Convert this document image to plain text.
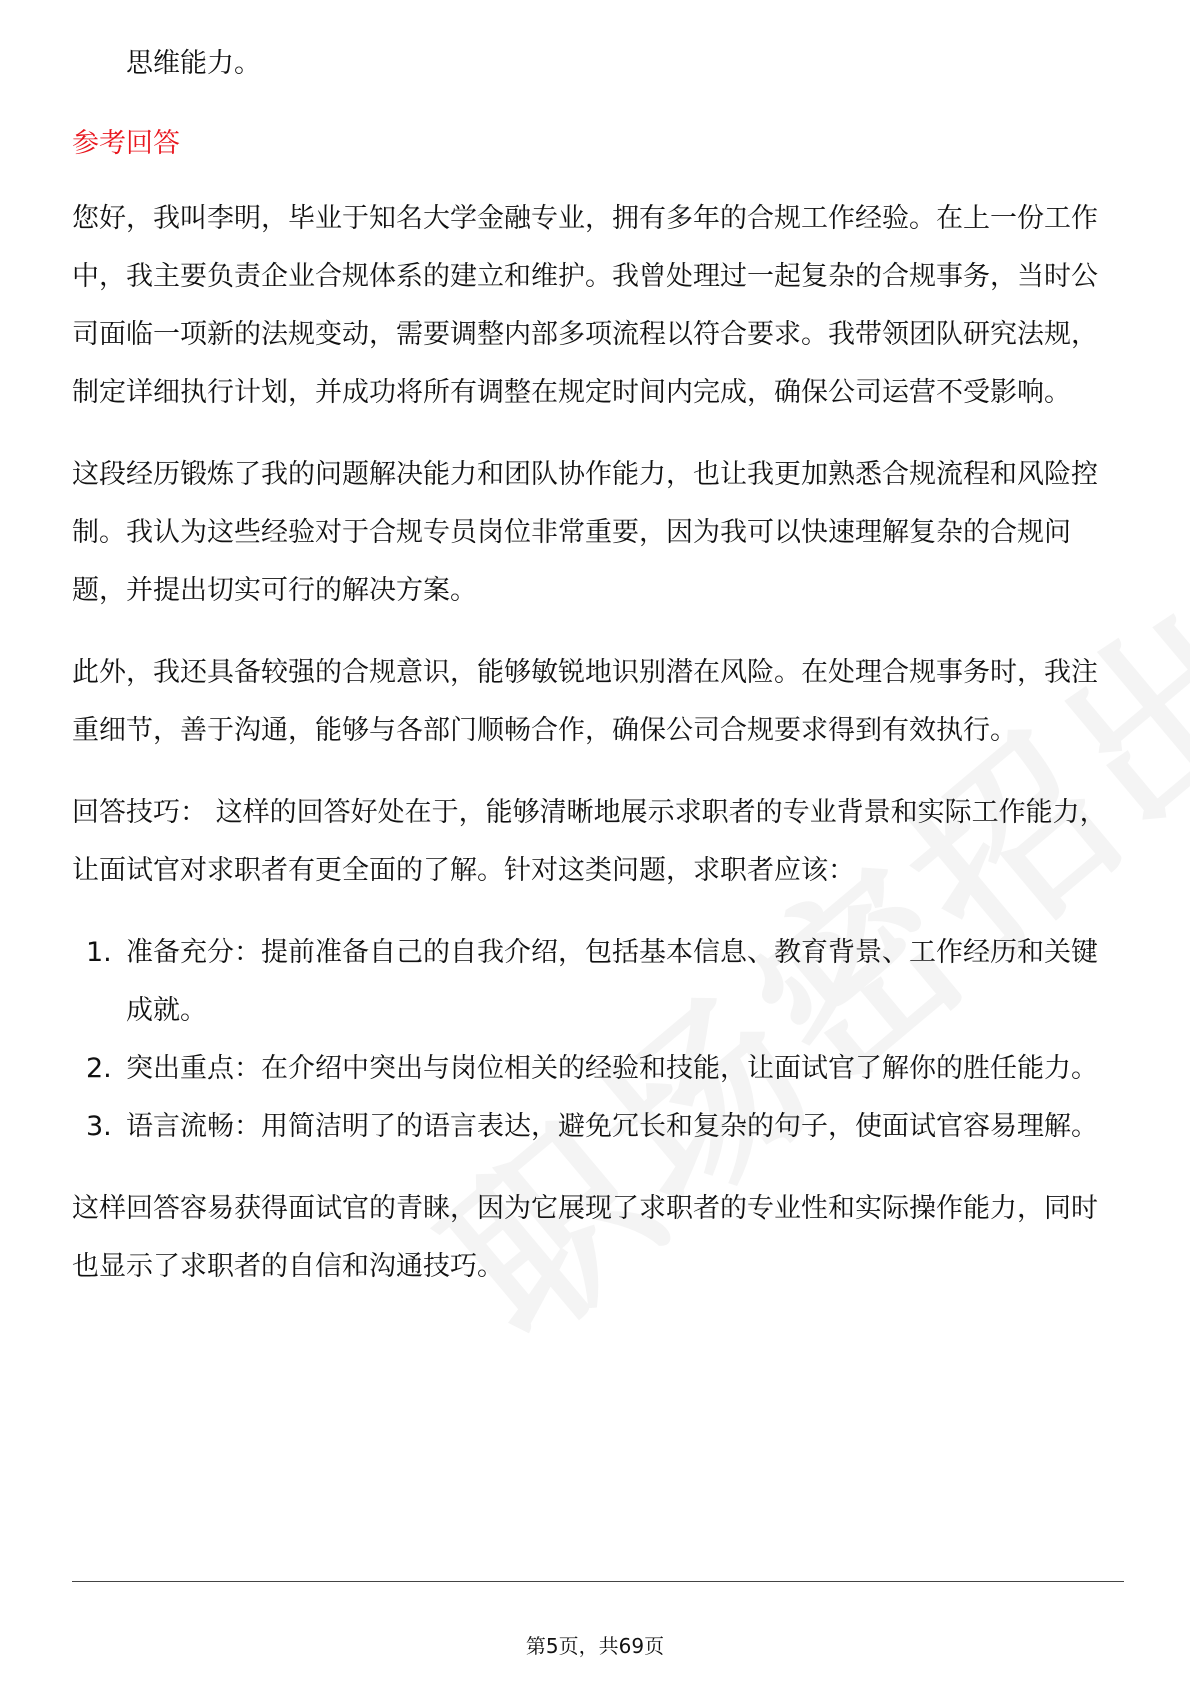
思维能力。

参考回答

您好，我叫李明，毕业于知名大学金融专业，拥有多年的合规工作经验。在上一份工作中，我主要负责企业合规体系的建立和维护。我曾处理过一起复杂的合规事务，当时公司面临一项新的法规变动，需要调整内部多项流程以符合要求。我带领团队研究法规，制定详细执行计划，并成功将所有调整在规定时间内完成，确保公司运营不受影响。

这段经历锻炼了我的问题解决能力和团队协作能力，也让我更加熟悉合规流程和风险控制。我认为这些经验对于合规专员岗位非常重要，因为我可以快速理解复杂的合规问题，并提出切实可行的解决方案。

此外，我还具备较强的合规意识，能够敏锐地识别潜在风险。在处理合规事务时，我注重细节，善于沟通，能够与各部门顺畅合作，确保公司合规要求得到有效执行。

回答技巧： 这样的回答好处在于，能够清晰地展示求职者的专业背景和实际工作能力，让面试官对求职者有更全面的了解。针对这类问题，求职者应该：

1. 准备充分：提前准备自己的自我介绍，包括基本信息、教育背景、工作经历和关键成就。
2. 突出重点：在介绍中突出与岗位相关的经验和技能，让面试官了解你的胜任能力。
3. 语言流畅：用简洁明了的语言表达，避免冗长和复杂的句子，使面试官容易理解。

这样回答容易获得面试官的青睐，因为它展现了求职者的专业性和实际操作能力，同时也显示了求职者的自信和沟通技巧。

第5页，共69页
